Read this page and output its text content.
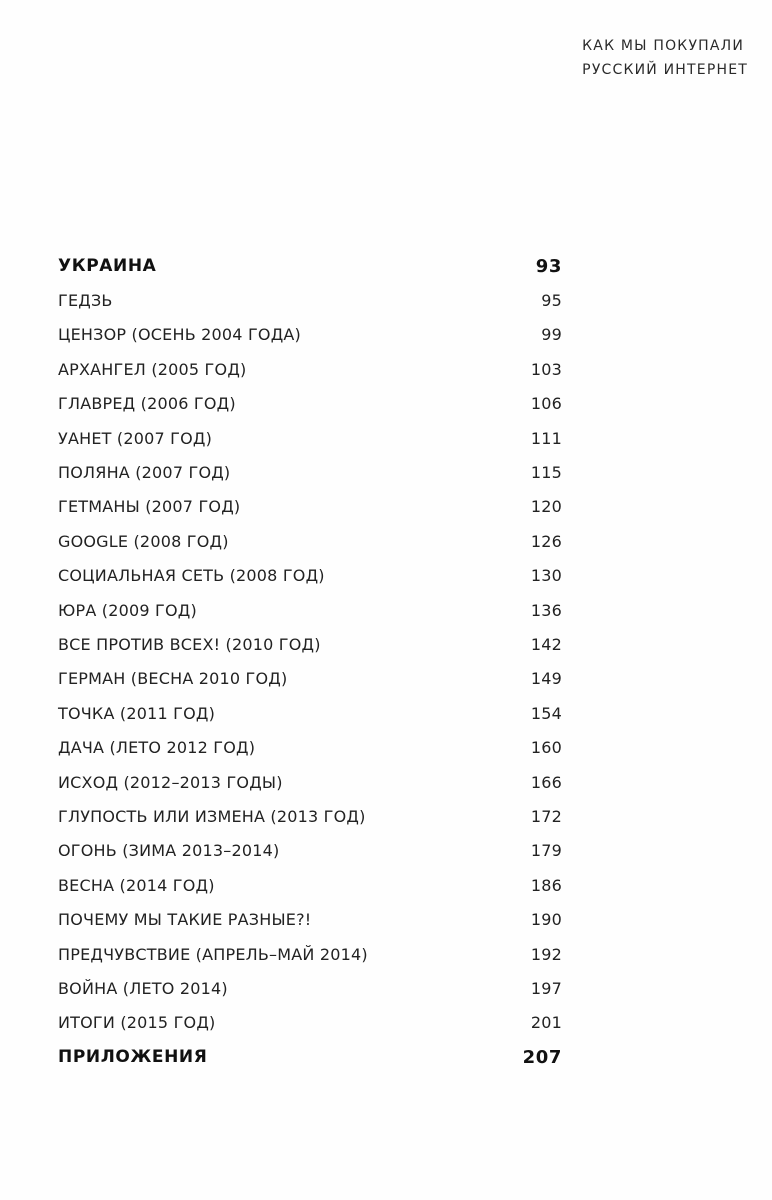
КАК МЫ ПОКУПАЛИ
РУССКИЙ ИНТЕРНЕТ
УКРАИНА	93
ГЕДЗЬ	95
ЦЕНЗОР (ОСЕНЬ 2004 ГОДА)	99
АРХАНГЕЛ (2005 ГОД)	103
ГЛАВРЕД (2006 ГОД)	106
УАНЕТ (2007 ГОД)	111
ПОЛЯНА (2007 ГОД)	115
ГЕТМАНЫ (2007 ГОД)	120
GOOGLE (2008 ГОД)	126
СОЦИАЛЬНАЯ СЕТЬ (2008 ГОД)	130
ЮРА (2009 ГОД)	136
ВСЕ ПРОТИВ ВСЕХ! (2010 ГОД)	142
ГЕРМАН (ВЕСНА 2010 ГОД)	149
ТОЧКА (2011 ГОД)	154
ДАЧА (ЛЕТО 2012 ГОД)	160
ИСХОД (2012–2013 ГОДЫ)	166
ГЛУПОСТЬ ИЛИ ИЗМЕНА (2013 ГОД)	172
ОГОНЬ (ЗИМА 2013–2014)	179
ВЕСНА (2014 ГОД)	186
ПОЧЕМУ МЫ ТАКИЕ РАЗНЫЕ?!	190
ПРЕДЧУВСТВИЕ (АПРЕЛЬ–МАЙ 2014)	192
ВОЙНА (ЛЕТО 2014)	197
ИТОГИ (2015 ГОД)	201
ПРИЛОЖЕНИЯ	207
